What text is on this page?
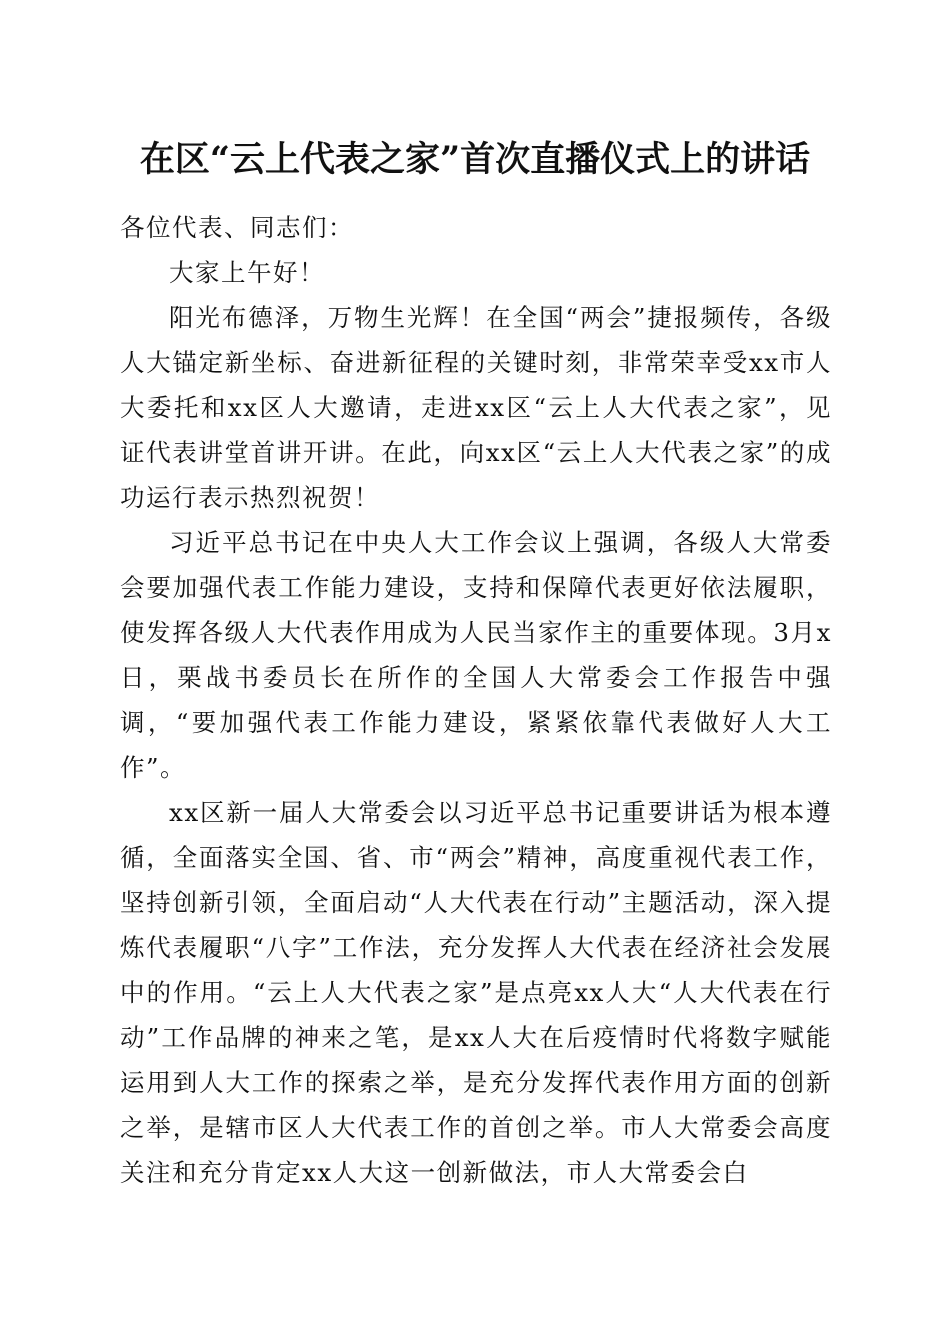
在区“云上代表之家”首次直播仪式上的讲话

各位代表、同志们：

大家上午好！

阳光布德泽，万物生光辉！在全国“两会”捷报频传，各级人大锚定新坐标、奋进新征程的关键时刻，非常荣幸受xx市人大委托和xx区人大邀请，走进xx区“云上人大代表之家”，见证代表讲堂首讲开讲。在此，向xx区“云上人大代表之家”的成功运行表示热烈祝贺！

习近平总书记在中央人大工作会议上强调，各级人大常委会要加强代表工作能力建设，支持和保障代表更好依法履职，使发挥各级人大代表作用成为人民当家作主的重要体现。3月x日，栗战书委员长在所作的全国人大常委会工作报告中强调，“要加强代表工作能力建设，紧紧依靠代表做好人大工作”。

xx区新一届人大常委会以习近平总书记重要讲话为根本遵循，全面落实全国、省、市“两会”精神，高度重视代表工作，坚持创新引领，全面启动“人大代表在行动”主题活动，深入提炼代表履职“八字”工作法，充分发挥人大代表在经济社会发展中的作用。“云上人大代表之家”是点亮xx人大“人大代表在行动”工作品牌的神来之笔，是xx人大在后疫情时代将数字赋能运用到人大工作的探索之举，是充分发挥代表作用方面的创新之举，是辖市区人大代表工作的首创之举。市人大常委会高度关注和充分肯定xx人大这一创新做法，市人大常委会白
